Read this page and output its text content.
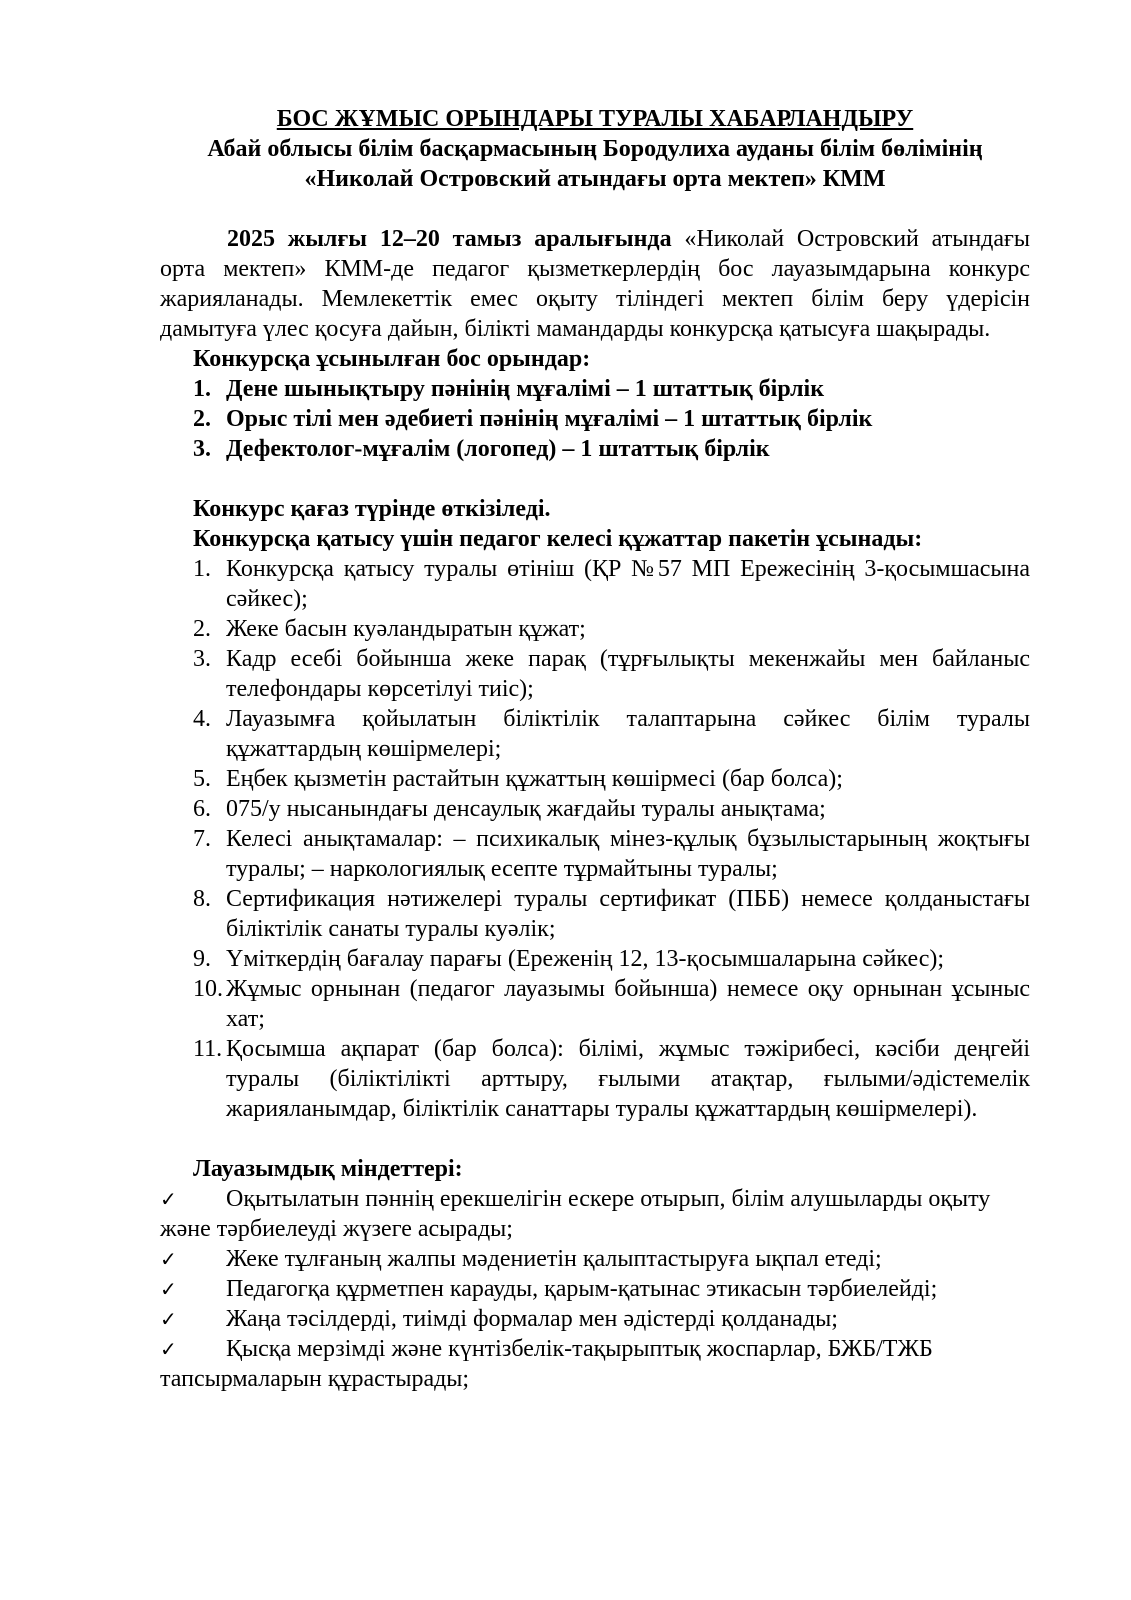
БОС ЖҰМЫС ОРЫНДАРЫ ТУРАЛЫ ХАБАРЛАНДЫРУ
Абай облысы білім басқармасының Бородулиха ауданы білім бөлімінің
«Николай Островский атындағы орта мектеп» КММ

2025 жылғы 12–20 тамыз аралығында «Николай Островский атындағы орта мектеп» КММ-де педагог қызметкерлердің бос лауазымдарына конкурс жарияланады. Мемлекеттік емес оқыту тіліндегі мектеп білім беру үдерісін дамытуға үлес қосуға дайын, білікті мамандарды конкурсқа қатысуға шақырады.

Конкурсқа ұсынылған бос орындар:
1. Дене шынықтыру пәнінің мұғалімі – 1 штаттық бірлік
2. Орыс тілі мен әдебиеті пәнінің мұғалімі – 1 штаттық бірлік
3. Дефектолог-мұғалім (логопед) – 1 штаттық бірлік
Конкурс қағаз түрінде өткізіледі.
Конкурсқа қатысу үшін педагог келесі құжаттар пакетін ұсынады:
1. Конкурсқа қатысу туралы өтініш (ҚР №57 МП Ережесінің 3-қосымшасына сәйкес);
2. Жеке басын куәландыратын құжат;
3. Кадр есебі бойынша жеке парақ (тұрғылықты мекенжайы мен байланыс телефондары көрсетілуі тиіс);
4. Лауазымға қойылатын біліктілік талаптарына сәйкес білім туралы құжаттардың көшірмелері;
5. Еңбек қызметін растайтын құжаттың көшірмесі (бар болса);
6. 075/у нысанындағы денсаулық жағдайы туралы анықтама;
7. Келесі анықтамалар: – психикалық мінез-құлық бұзылыстарының жоқтығы туралы; – наркологиялық есепте тұрмайтыны туралы;
8. Сертификация нәтижелері туралы сертификат (ПББ) немесе қолданыстағы біліктілік санаты туралы куәлік;
9. Үміткердің бағалау парағы (Ереженің 12, 13-қосымшаларына сәйкес);
10. Жұмыс орнынан (педагог лауазымы бойынша) немесе оқу орнынан ұсыныс хат;
11. Қосымша ақпарат (бар болса): білімі, жұмыс тәжірибесі, кәсіби деңгейі туралы (біліктілікті арттыру, ғылыми атақтар, ғылыми/әдістемелік жарияланымдар, біліктілік санаттары туралы құжаттардың көшірмелері).
Лауазымдық міндеттері:
✓ Оқытылатын пәннің ерекшелігін ескере отырып, білім алушыларды оқыту және тәрбиелеуді жүзеге асырады;
✓ Жеке тұлғаның жалпы мәдениетін қалыптастыруға ықпал етеді;
✓ Педагогқа құрметпен карауды, қарым-қатынас этикасын тәрбиелейді;
✓ Жаңа тәсілдерді, тиімді формалар мен әдістерді қолданады;
✓ Қысқа мерзімді және күнтізбелік-тақырыптық жоспарлар, БЖБ/ТЖБ тапсырмаларын құрастырады;
